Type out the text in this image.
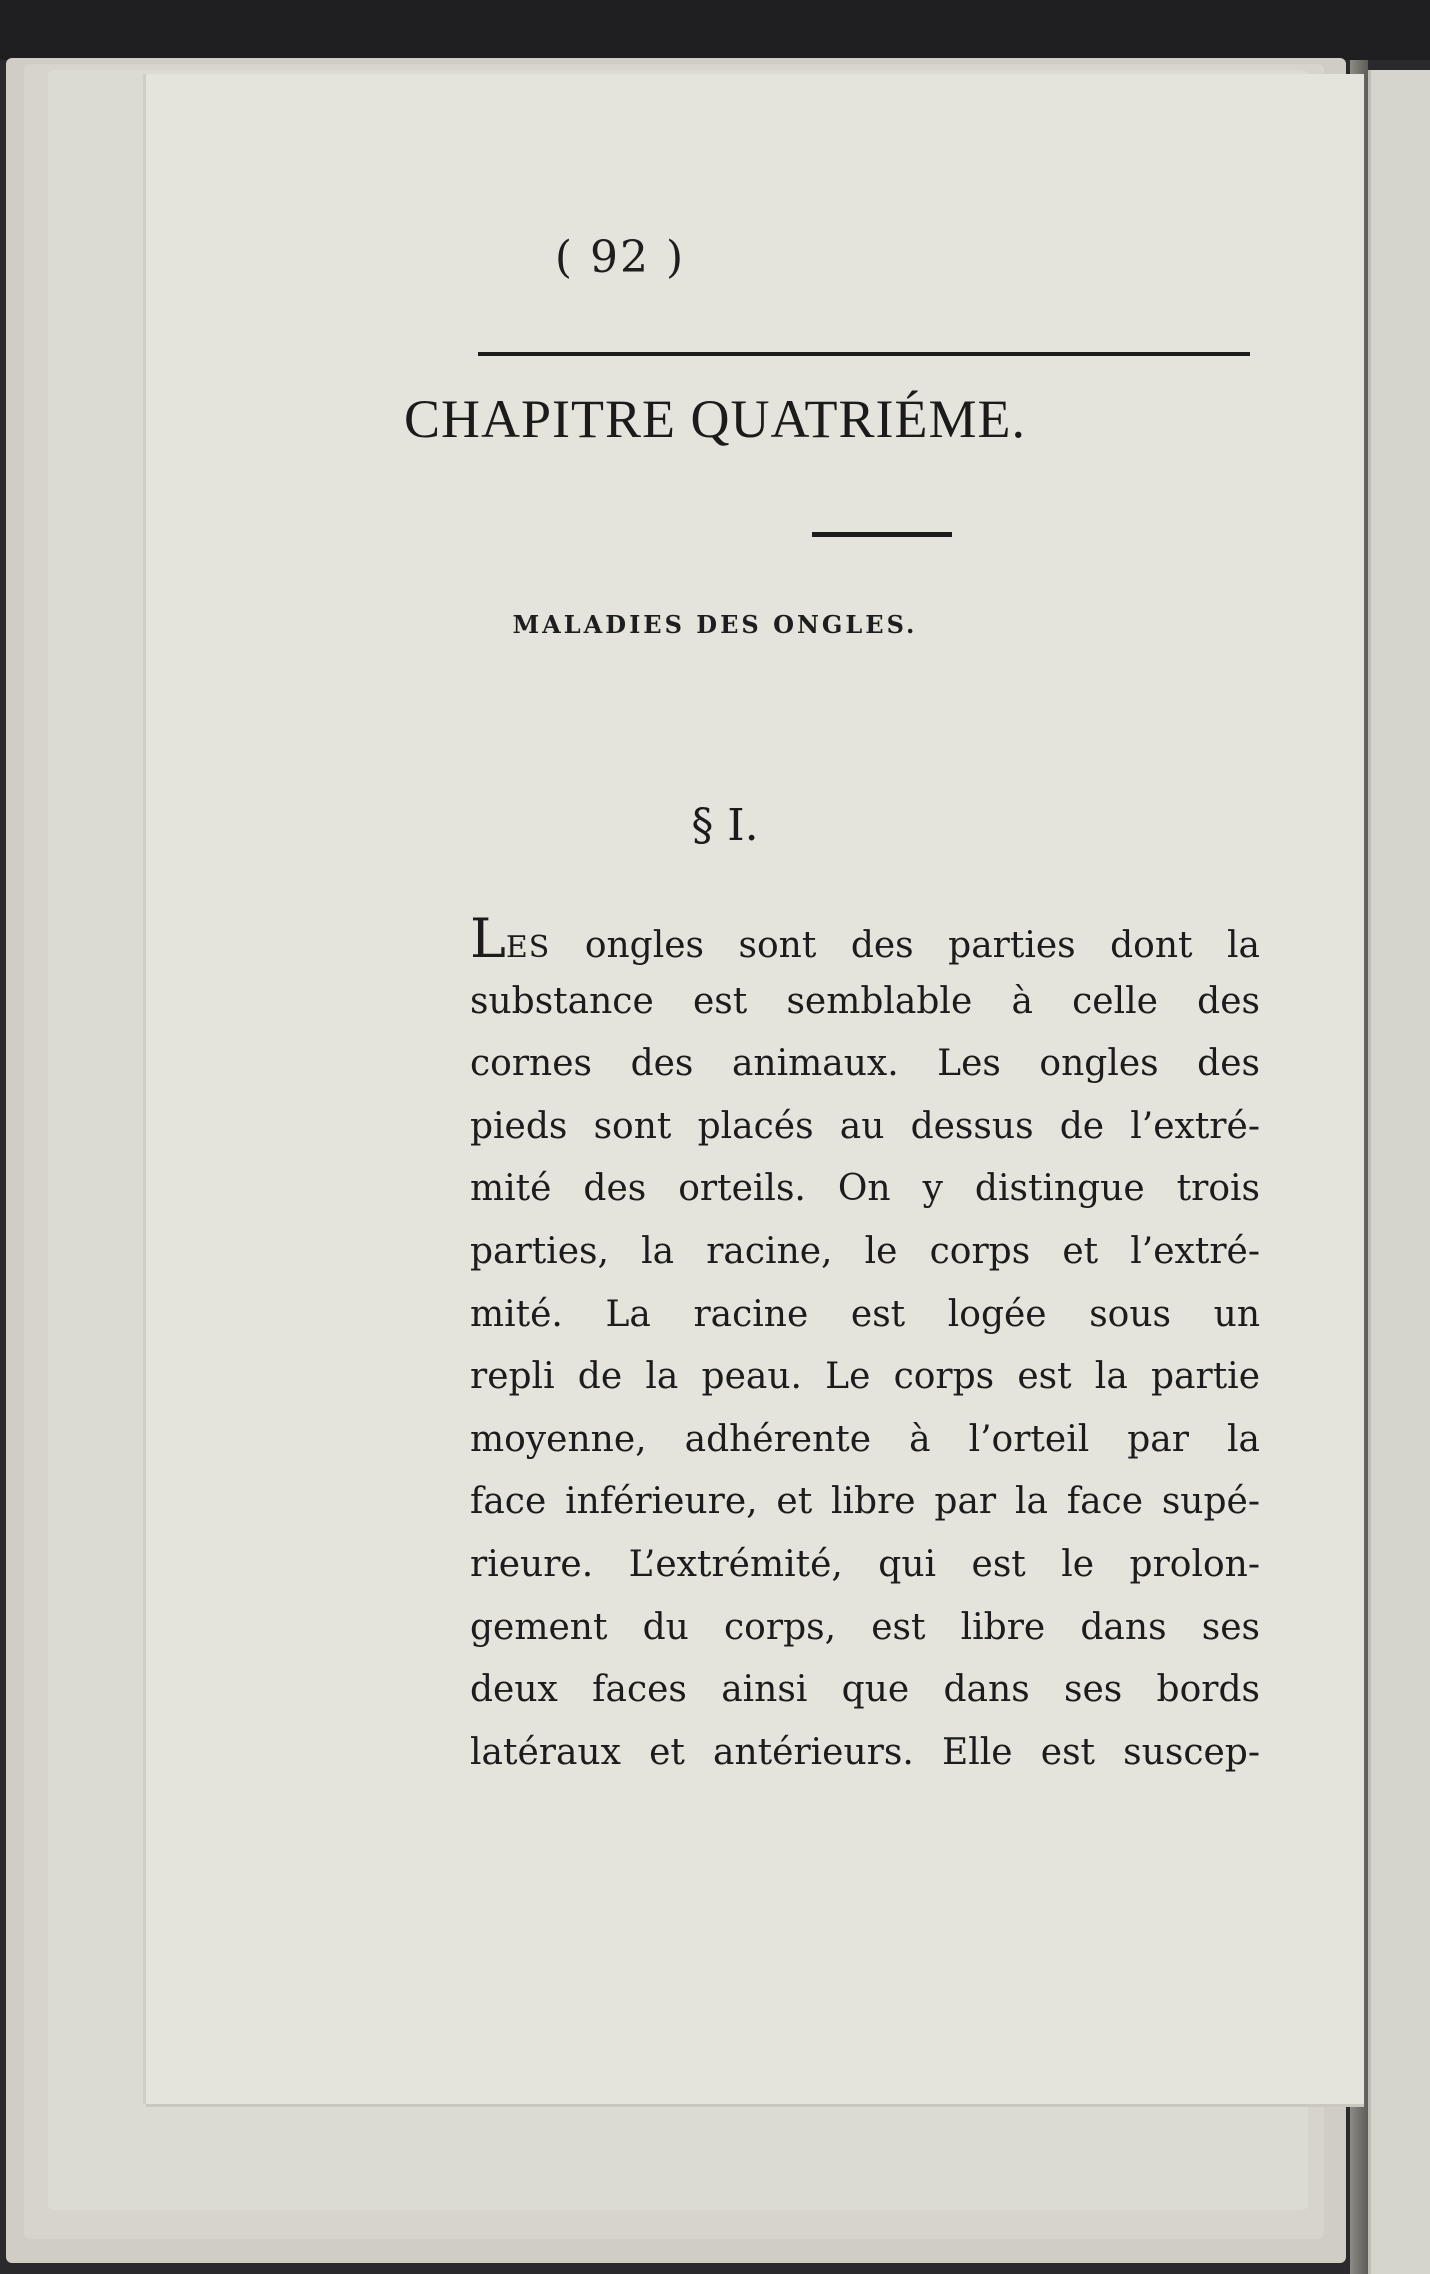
( 92 )
CHAPITRE QUATRIÉME.
MALADIES DES ONGLES.
§ I.
LES ongles sont des parties dont la
substance est semblable à celle des
cornes des animaux. Les ongles des
pieds sont placés au dessus de l’extré-
mité des orteils. On y distingue trois
parties, la racine, le corps et l’extré-
mité. La racine est logée sous un
repli de la peau. Le corps est la partie
moyenne, adhérente à l’orteil par la
face inférieure, et libre par la face supé-
rieure. L’extrémité, qui est le prolon-
gement du corps, est libre dans ses
deux faces ainsi que dans ses bords
latéraux et antérieurs. Elle est suscep-
